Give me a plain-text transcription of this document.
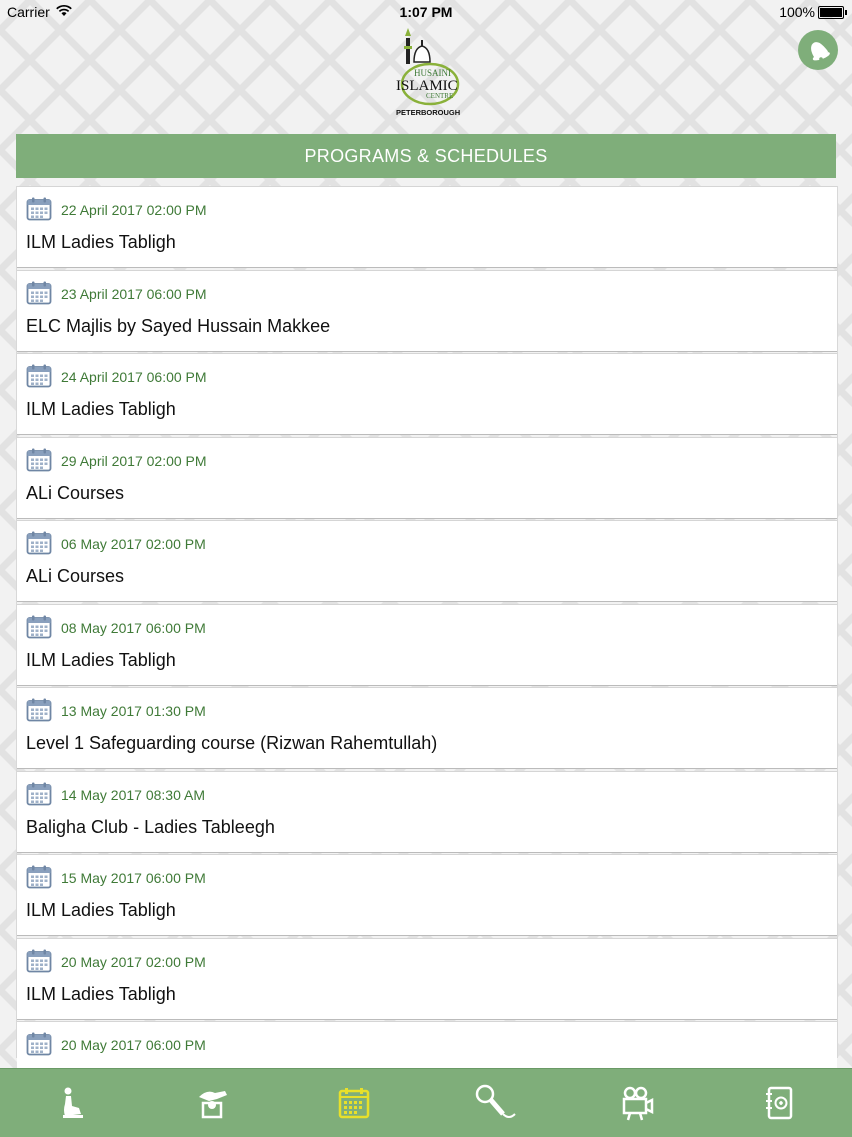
Carrier	1:07 PM	100%
HUSAINI
ISLAMIC
CENTRE
PETERBOROUGH
PROGRAMS & SCHEDULES
22 April 2017 02:00 PM
ILM Ladies Tabligh
23 April 2017 06:00 PM
ELC Majlis by Sayed Hussain Makkee
24 April 2017 06:00 PM
ILM Ladies Tabligh
29 April 2017 02:00 PM
ALi Courses
06 May 2017 02:00 PM
ALi Courses
08 May 2017 06:00 PM
ILM Ladies Tabligh
13 May 2017 01:30 PM
Level 1 Safeguarding course (Rizwan Rahemtullah)
14 May 2017 08:30 AM
Baligha Club - Ladies Tableegh
15 May 2017 06:00 PM
ILM Ladies Tabligh
20 May 2017 02:00 PM
ILM Ladies Tabligh
20 May 2017 06:00 PM
